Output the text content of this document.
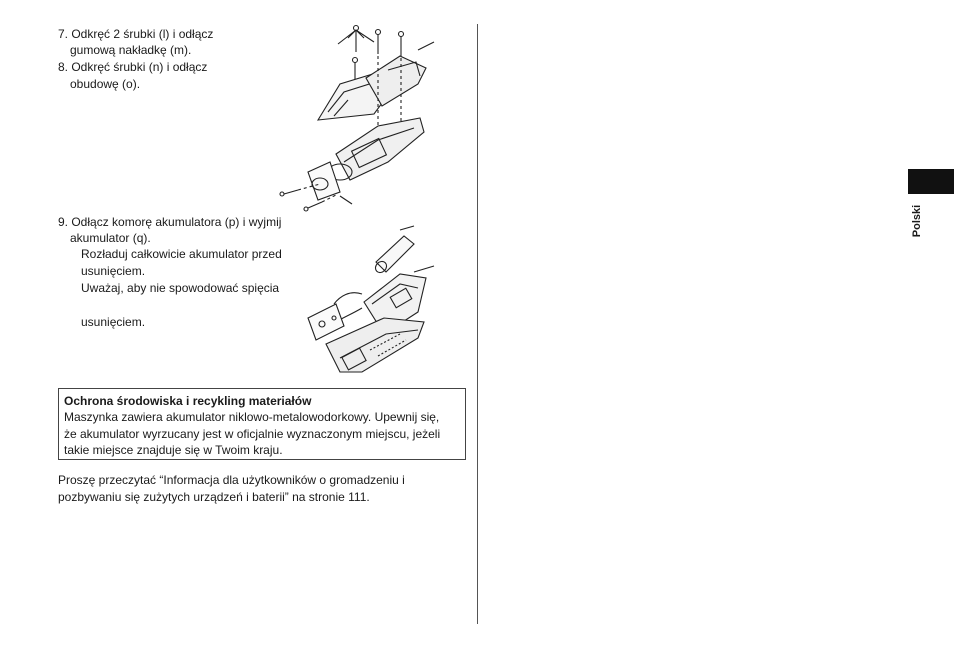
7. Odkręć 2 śrubki (l) i odłącz
gumową nakładkę (m).
8. Odkręć śrubki (n) i odłącz
obudowę (o).
9. Odłącz komorę akumulatora (p) i wyjmij
akumulator (q).
Rozładuj całkowicie akumulator przed
usunięciem.
Uważaj, aby nie spowodować spięcia
usunięciem.
Ochrona środowiska i recykling materiałów
Maszynka zawiera akumulator niklowo-metalowodorkowy. Upewnij się,
że akumulator wyrzucany jest w oficjalnie wyznaczonym miejscu, jeżeli
takie miejsce znajduje się w Twoim kraju.
Proszę przeczytać “Informacja dla użytkowników o gromadzeniu i
pozbywaniu się zużytych urządzeń i baterii” na stronie 111.
Polski
